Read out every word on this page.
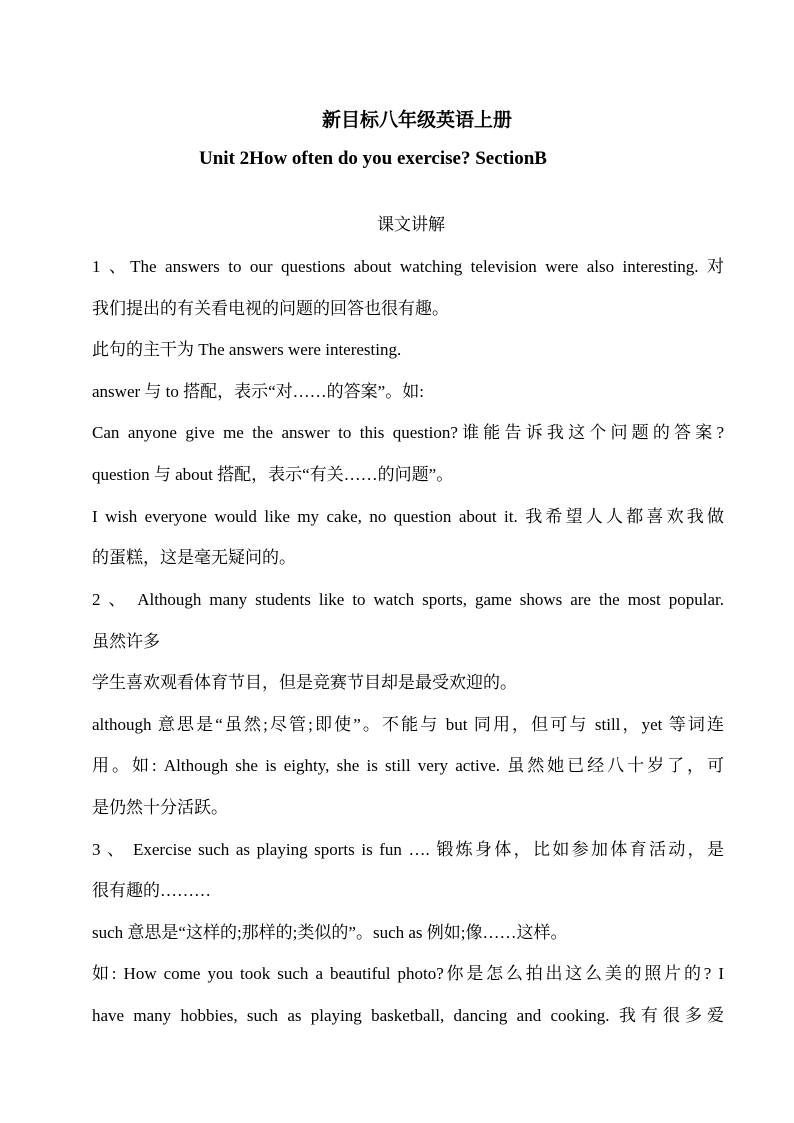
新目标八年级英语上册
Unit 2How often do you exercise? SectionB
课文讲解
1 、The answers to our questions about watching television were also interesting. 对
我们提出的有关看电视的问题的回答也很有趣。
此句的主干为 The answers were interesting.
answer 与 to 搭配，表示“对……的答案”。如:
Can anyone give me the answer to this question?谁能告诉我这个问题的答案?
question 与 about 搭配，表示“有关……的问题”。
I wish everyone would like my cake, no question about it. 我希望人人都喜欢我做
的蛋糕，这是毫无疑问的。
2 、 Although many students like to watch sports, game shows are the most popular.
虽然许多
学生喜欢观看体育节目，但是竞赛节目却是最受欢迎的。
although 意思是“虽然;尽管;即使”。不能与 but 同用，但可与 still，yet 等词连
用。如: Although she is eighty, she is still very active. 虽然她已经八十岁了，可
是仍然十分活跃。
3 、 Exercise such as playing sports is fun …. 锻炼身体，比如参加体育活动，是
很有趣的………
such 意思是“这样的;那样的;类似的”。such as 例如;像……这样。
如: How come you took such a beautiful photo?你是怎么拍出这么美的照片的? I
have many hobbies, such as playing basketball, dancing and cooking. 我有很多爱
